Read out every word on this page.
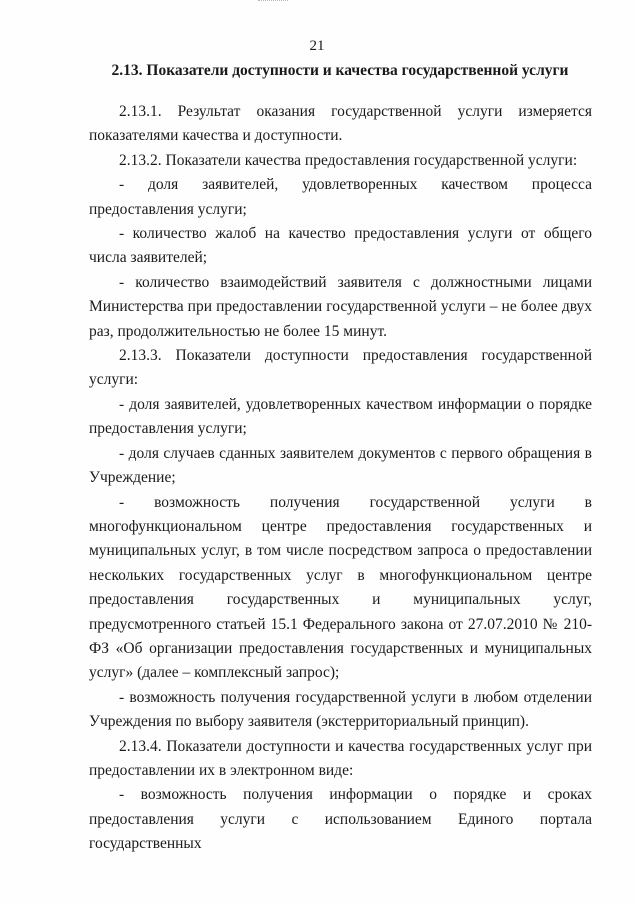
21
2.13. Показатели доступности и качества государственной услуги

2.13.1. Результат оказания государственной услуги измеряется показателями качества и доступности.

2.13.2. Показатели качества предоставления государственной услуги:

- доля заявителей, удовлетворенных качеством процесса предоставления услуги;

- количество жалоб на качество предоставления услуги от общего числа заявителей;

- количество взаимодействий заявителя с должностными лицами Министерства при предоставлении государственной услуги – не более двух раз, продолжительностью не более 15 минут.

2.13.3. Показатели доступности предоставления государственной услуги:

- доля заявителей, удовлетворенных качеством информации о порядке предоставления услуги;

- доля случаев сданных заявителем документов с первого обращения в Учреждение;

- возможность получения государственной услуги в многофункциональном центре предоставления государственных и муниципальных услуг, в том числе посредством запроса о предоставлении нескольких государственных услуг в многофункциональном центре предоставления государственных и муниципальных услуг, предусмотренного статьей 15.1 Федерального закона от 27.07.2010 № 210-ФЗ «Об организации предоставления государственных и муниципальных услуг» (далее – комплексный запрос);

- возможность получения государственной услуги в любом отделении Учреждения по выбору заявителя (экстерриториальный принцип).

2.13.4. Показатели доступности и качества государственных услуг при предоставлении их в электронном виде:

- возможность получения информации о порядке и сроках предоставления услуги с использованием Единого портала государственных
